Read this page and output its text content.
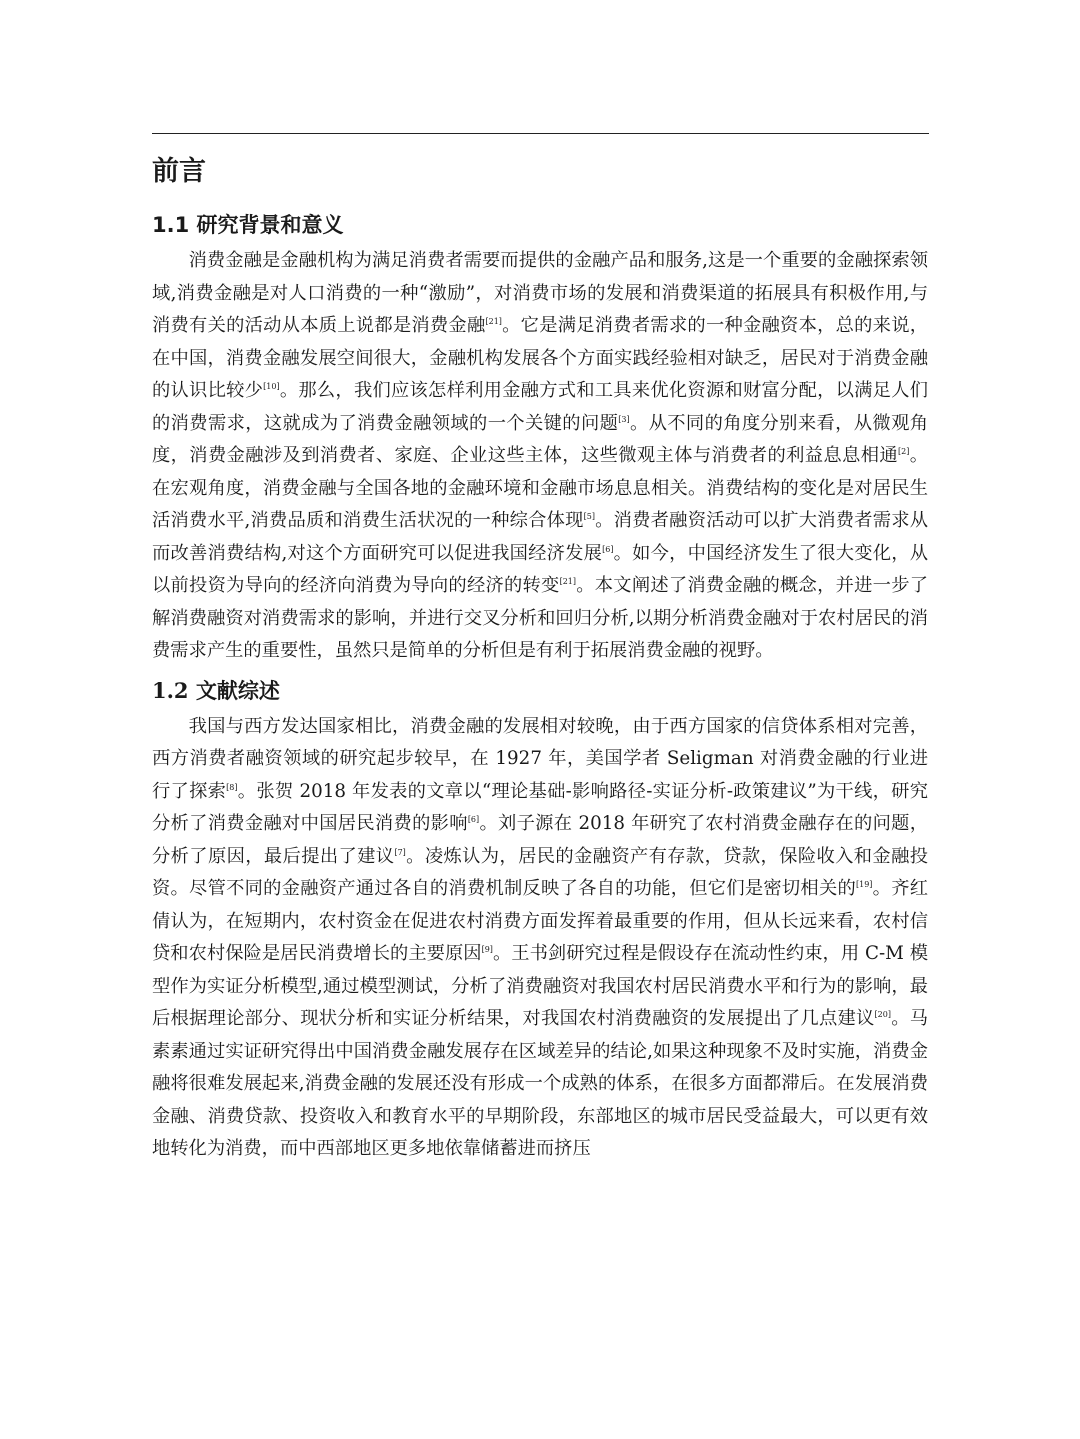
前言
1.1 研究背景和意义

消费金融是金融机构为满足消费者需要而提供的金融产品和服务,这是一个重要的金融探索领域,消费金融是对人口消费的一种“激励”，对消费市场的发展和消费渠道的拓展具有积极作用,与消费有关的活动从本质上说都是消费金融[21]。它是满足消费者需求的一种金融资本，总的来说，在中国，消费金融发展空间很大，金融机构发展各个方面实践经验相对缺乏，居民对于消费金融的认识比较少[10]。那么，我们应该怎样利用金融方式和工具来优化资源和财富分配，以满足人们的消费需求，这就成为了消费金融领域的一个关键的问题[3]。从不同的角度分别来看，从微观角度，消费金融涉及到消费者、家庭、企业这些主体，这些微观主体与消费者的利益息息相通[2]。在宏观角度，消费金融与全国各地的金融环境和金融市场息息相关。消费结构的变化是对居民生活消费水平,消费品质和消费生活状况的一种综合体现[5]。消费者融资活动可以扩大消费者需求从而改善消费结构,对这个方面研究可以促进我国经济发展[6]。如今，中国经济发生了很大变化，从以前投资为导向的经济向消费为导向的经济的转变[21]。本文阐述了消费金融的概念，并进一步了解消费融资对消费需求的影响，并进行交叉分析和回归分析,以期分析消费金融对于农村居民的消费需求产生的重要性，虽然只是简单的分析但是有利于拓展消费金融的视野。

1.2 文献综述

我国与西方发达国家相比，消费金融的发展相对较晚，由于西方国家的信贷体系相对完善，西方消费者融资领域的研究起步较早，在 1927 年，美国学者 Seligman 对消费金融的行业进行了探索[8]。张贺 2018 年发表的文章以“理论基础-影响路径-实证分析-政策建议”为干线，研究分析了消费金融对中国居民消费的影响[6]。刘子源在 2018 年研究了农村消费金融存在的问题，分析了原因，最后提出了建议[7]。凌炼认为，居民的金融资产有存款，贷款，保险收入和金融投资。尽管不同的金融资产通过各自的消费机制反映了各自的功能，但它们是密切相关的[19]。齐红倩认为，在短期内，农村资金在促进农村消费方面发挥着最重要的作用，但从长远来看，农村信贷和农村保险是居民消费增长的主要原因[9]。王书剑研究过程是假设存在流动性约束，用 C-M 模型作为实证分析模型,通过模型测试，分析了消费融资对我国农村居民消费水平和行为的影响，最后根据理论部分、现状分析和实证分析结果，对我国农村消费融资的发展提出了几点建议[20]。马素素通过实证研究得出中国消费金融发展存在区域差异的结论,如果这种现象不及时实施，消费金融将很难发展起来,消费金融的发展还没有形成一个成熟的体系，在很多方面都滞后。在发展消费金融、消费贷款、投资收入和教育水平的早期阶段，东部地区的城市居民受益最大，可以更有效地转化为消费，而中西部地区更多地依靠储蓄进而挤压
